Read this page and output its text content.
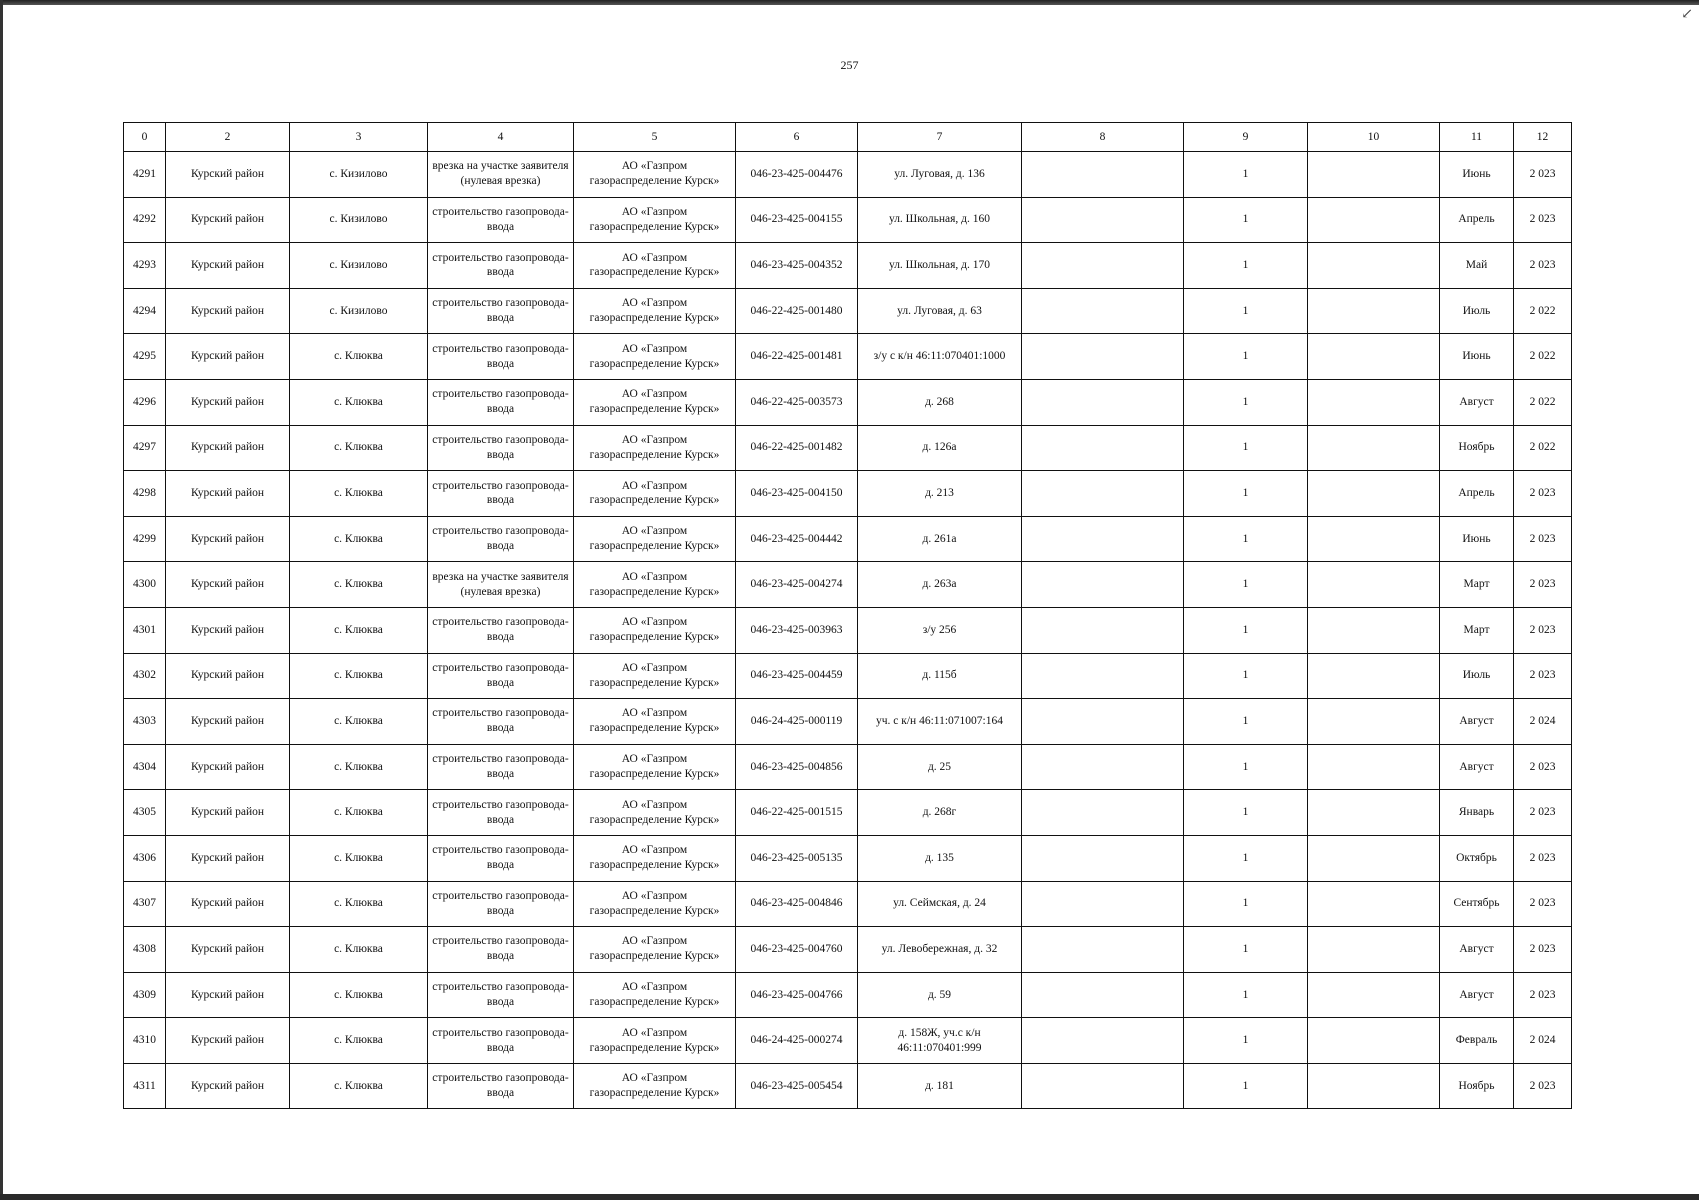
↙
257
0	2	3	4	5	6	7	8	9	10	11	12
4291	Курский район	с. Кизилово	врезка на участке заявителя (нулевая врезка)	АО «Газпром газораспределение Курск»	046-23-425-004476	ул. Луговая, д. 136		1		Июнь	2 023
4292	Курский район	с. Кизилово	строительство газопровода-ввода	АО «Газпром газораспределение Курск»	046-23-425-004155	ул. Школьная, д. 160		1		Апрель	2 023
4293	Курский район	с. Кизилово	строительство газопровода-ввода	АО «Газпром газораспределение Курск»	046-23-425-004352	ул. Школьная, д. 170		1		Май	2 023
4294	Курский район	с. Кизилово	строительство газопровода-ввода	АО «Газпром газораспределение Курск»	046-22-425-001480	ул. Луговая, д. 63		1		Июль	2 022
4295	Курский район	с. Клюква	строительство газопровода-ввода	АО «Газпром газораспределение Курск»	046-22-425-001481	з/у с к/н 46:11:070401:1000		1		Июнь	2 022
4296	Курский район	с. Клюква	строительство газопровода-ввода	АО «Газпром газораспределение Курск»	046-22-425-003573	д. 268		1		Август	2 022
4297	Курский район	с. Клюква	строительство газопровода-ввода	АО «Газпром газораспределение Курск»	046-22-425-001482	д. 126а		1		Ноябрь	2 022
4298	Курский район	с. Клюква	строительство газопровода-ввода	АО «Газпром газораспределение Курск»	046-23-425-004150	д. 213		1		Апрель	2 023
4299	Курский район	с. Клюква	строительство газопровода-ввода	АО «Газпром газораспределение Курск»	046-23-425-004442	д. 261а		1		Июнь	2 023
4300	Курский район	с. Клюква	врезка на участке заявителя (нулевая врезка)	АО «Газпром газораспределение Курск»	046-23-425-004274	д. 263а		1		Март	2 023
4301	Курский район	с. Клюква	строительство газопровода-ввода	АО «Газпром газораспределение Курск»	046-23-425-003963	з/у 256		1		Март	2 023
4302	Курский район	с. Клюква	строительство газопровода-ввода	АО «Газпром газораспределение Курск»	046-23-425-004459	д. 115б		1		Июль	2 023
4303	Курский район	с. Клюква	строительство газопровода-ввода	АО «Газпром газораспределение Курск»	046-24-425-000119	уч. с к/н 46:11:071007:164		1		Август	2 024
4304	Курский район	с. Клюква	строительство газопровода-ввода	АО «Газпром газораспределение Курск»	046-23-425-004856	д. 25		1		Август	2 023
4305	Курский район	с. Клюква	строительство газопровода-ввода	АО «Газпром газораспределение Курск»	046-22-425-001515	д. 268г		1		Январь	2 023
4306	Курский район	с. Клюква	строительство газопровода-ввода	АО «Газпром газораспределение Курск»	046-23-425-005135	д. 135		1		Октябрь	2 023
4307	Курский район	с. Клюква	строительство газопровода-ввода	АО «Газпром газораспределение Курск»	046-23-425-004846	ул. Сеймская, д. 24		1		Сентябрь	2 023
4308	Курский район	с. Клюква	строительство газопровода-ввода	АО «Газпром газораспределение Курск»	046-23-425-004760	ул. Левобережная, д. 32		1		Август	2 023
4309	Курский район	с. Клюква	строительство газопровода-ввода	АО «Газпром газораспределение Курск»	046-23-425-004766	д. 59		1		Август	2 023
4310	Курский район	с. Клюква	строительство газопровода-ввода	АО «Газпром газораспределение Курск»	046-24-425-000274	д. 158Ж, уч.с к/н 46:11:070401:999		1		Февраль	2 024
4311	Курский район	с. Клюква	строительство газопровода-ввода	АО «Газпром газораспределение Курск»	046-23-425-005454	д. 181		1		Ноябрь	2 023
